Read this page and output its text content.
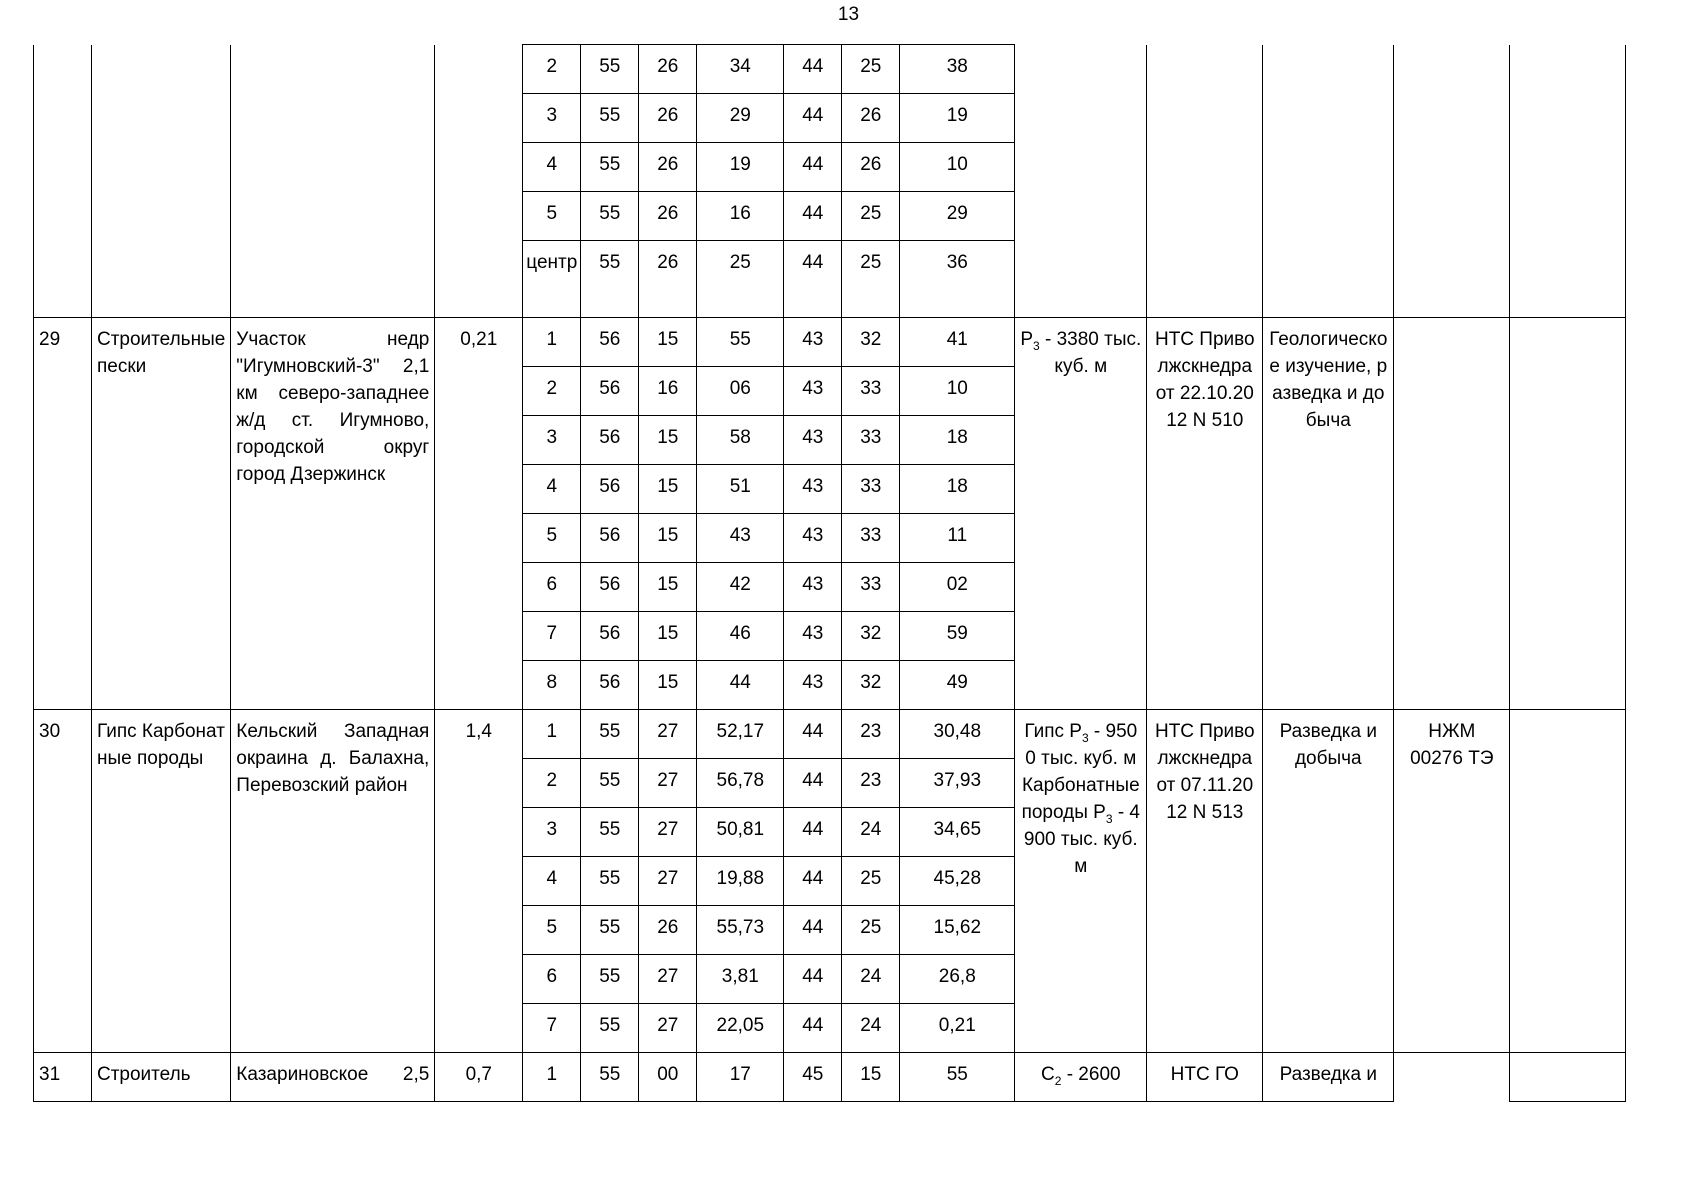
13
				2	55	26	34	44	25	38					
				3	55	26	29	44	26	19					
				4	55	26	19	44	26	10					
				5	55	26	16	44	25	29					
				центр	55	26	25	44	25	36					
29	Строительные пески	Участок недр "Игумновский-3" 2,1 км северо-западнее ж/д ст. Игумново, городской округ город Дзержинск	0,21	1	56	15	55	43	32	41	$P_3 - 3380$ тыс. куб. м	НТС Приволжскнедра от 22.10.2012 N 510	Геологическое изучение, разведка и добыча		
				2	56	16	06	43	33	10					
				3	56	15	58	43	33	18					
				4	56	15	51	43	33	18					
				5	56	15	43	43	33	11					
				6	56	15	42	43	33	02					
				7	56	15	46	43	32	59					
				8	56	15	44	43	32	49					
30	Гипс Карбонатные породы	Кельский Западная окраина д. Балахна, Перевозский район	1,4	1	55	27	52,17	44	23	30,48	Гипс $P_3 - 9500$ тыс. куб. м Карбонатные породы $P_3 - 4900$ тыс. куб. м	НТС Приволжскнедра от 07.11.2012 N 513	Разведка и добыча	НЖМ 00276 ТЭ	
				2	55	27	56,78	44	23	37,93					
				3	55	27	50,81	44	24	34,65					
				4	55	27	19,88	44	25	45,28					
				5	55	26	55,73	44	25	15,62					
				6	55	27	3,81	44	24	26,8					
				7	55	27	22,05	44	24	0,21					
31	Строитель	Казариновское 2,5	0,7	1	55	00	17	45	15	55	$C_2 - 2600$	НТС ГО	Разведка и		
